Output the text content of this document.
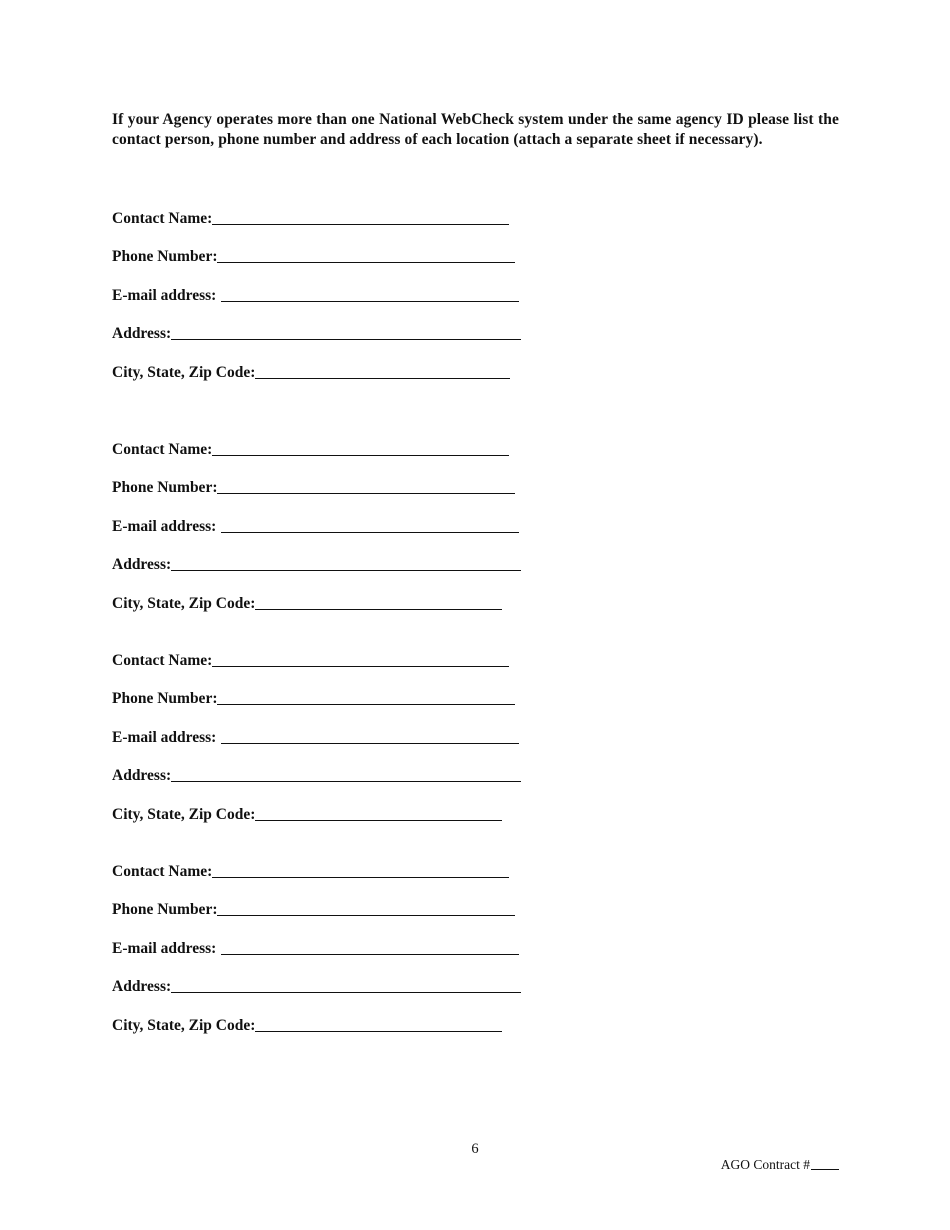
If your Agency operates more than one National WebCheck system under the same agency ID please list the contact person, phone number and address of each location (attach a separate sheet if necessary).
Contact Name:
Phone Number:
E-mail address:
Address:
City, State, Zip Code:
Contact Name:
Phone Number:
E-mail address:
Address:
City, State, Zip Code:
Contact Name:
Phone Number:
E-mail address:
Address:
City, State, Zip Code:
Contact Name:
Phone Number:
E-mail address:
Address:
City, State, Zip Code:
6
AGO Contract #
